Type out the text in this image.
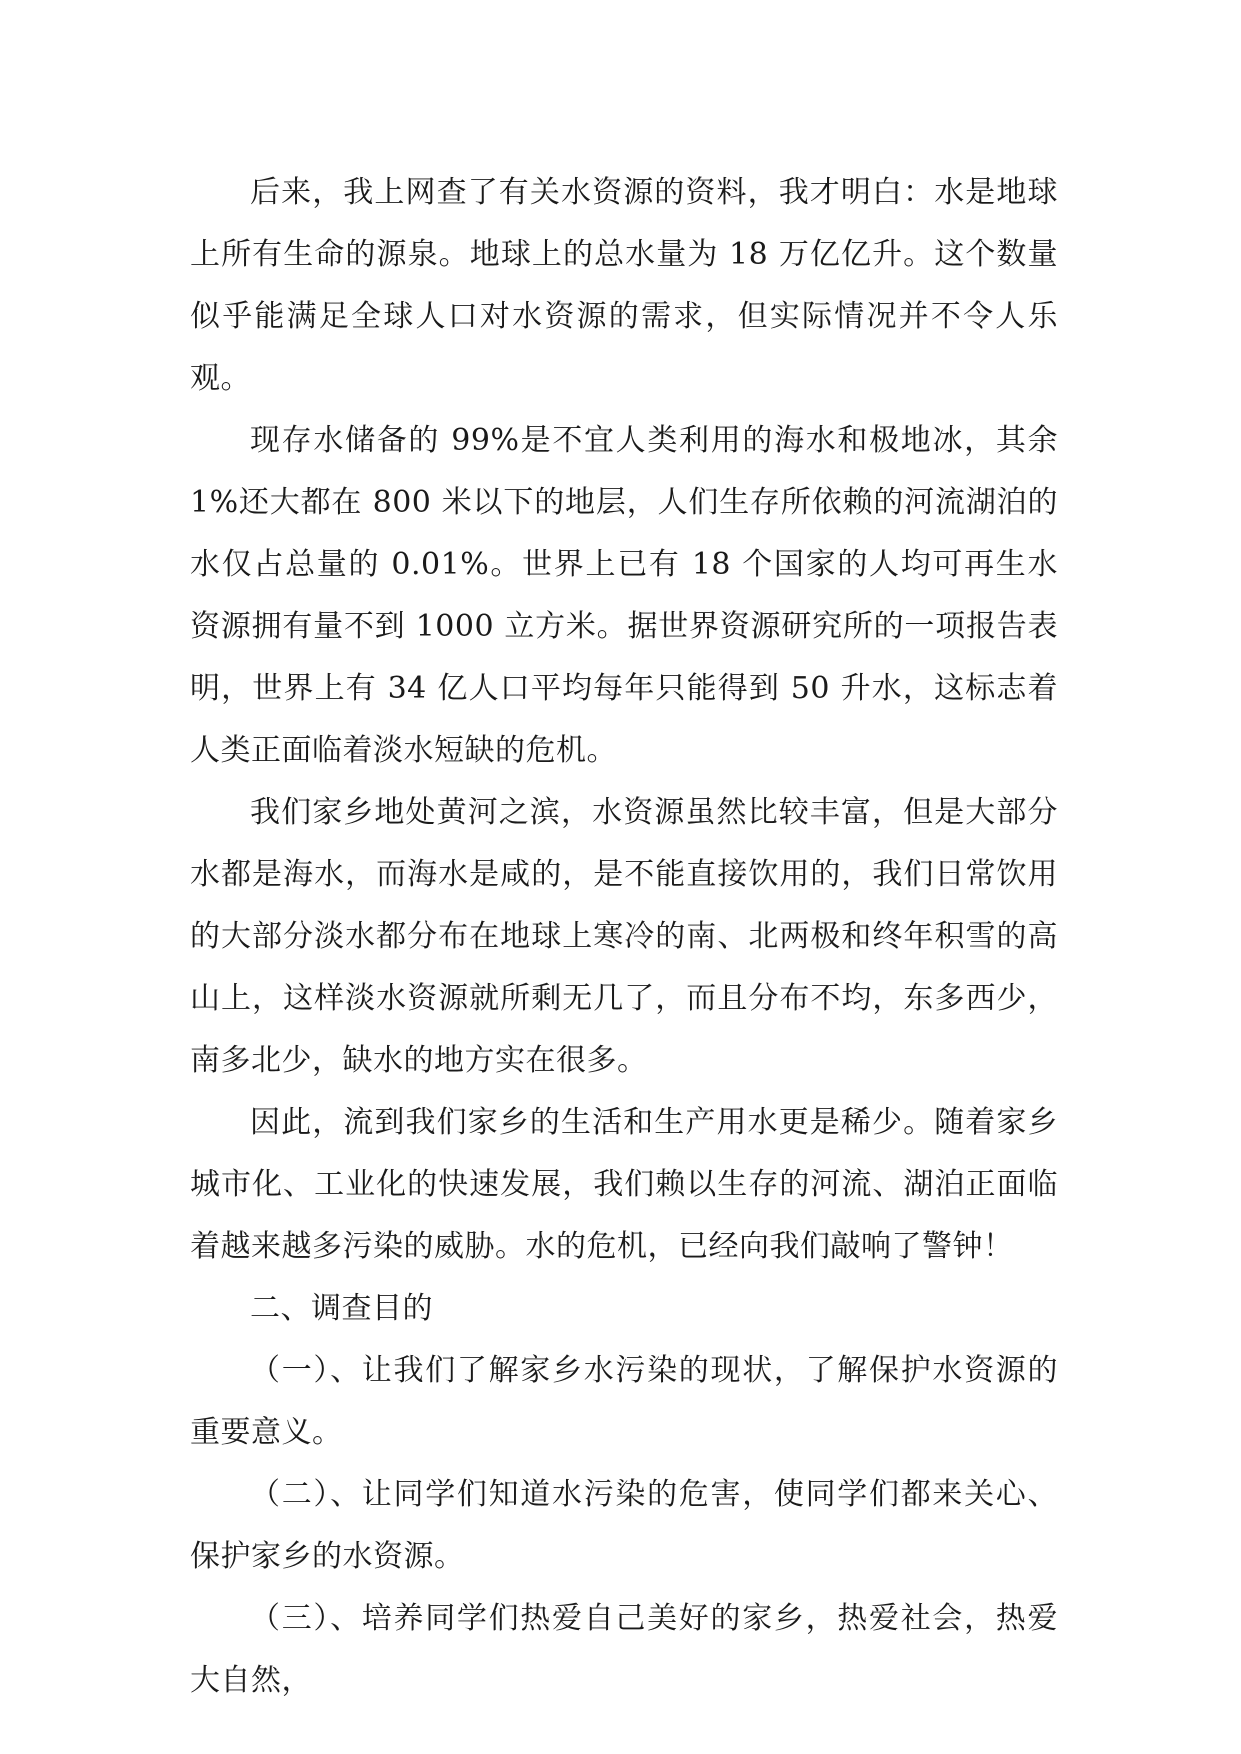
后来，我上网查了有关水资源的资料，我才明白：水是地球上所有生命的源泉。地球上的总水量为 18 万亿亿升。这个数量似乎能满足全球人口对水资源的需求，但实际情况并不令人乐观。

现存水储备的 99%是不宜人类利用的海水和极地冰，其余 1%还大都在 800 米以下的地层，人们生存所依赖的河流湖泊的水仅占总量的 0.01%。世界上已有 18 个国家的人均可再生水资源拥有量不到 1000 立方米。据世界资源研究所的一项报告表明，世界上有 34 亿人口平均每年只能得到 50 升水，这标志着人类正面临着淡水短缺的危机。

我们家乡地处黄河之滨，水资源虽然比较丰富，但是大部分水都是海水，而海水是咸的，是不能直接饮用的，我们日常饮用的大部分淡水都分布在地球上寒冷的南、北两极和终年积雪的高山上，这样淡水资源就所剩无几了，而且分布不均，东多西少，南多北少，缺水的地方实在很多。

因此，流到我们家乡的生活和生产用水更是稀少。随着家乡城市化、工业化的快速发展，我们赖以生存的河流、湖泊正面临着越来越多污染的威胁。水的危机，已经向我们敲响了警钟！

二、调查目的

（一）、让我们了解家乡水污染的现状，了解保护水资源的重要意义。

（二）、让同学们知道水污染的危害，使同学们都来关心、保护家乡的水资源。

（三）、培养同学们热爱自己美好的家乡，热爱社会，热爱大自然，
